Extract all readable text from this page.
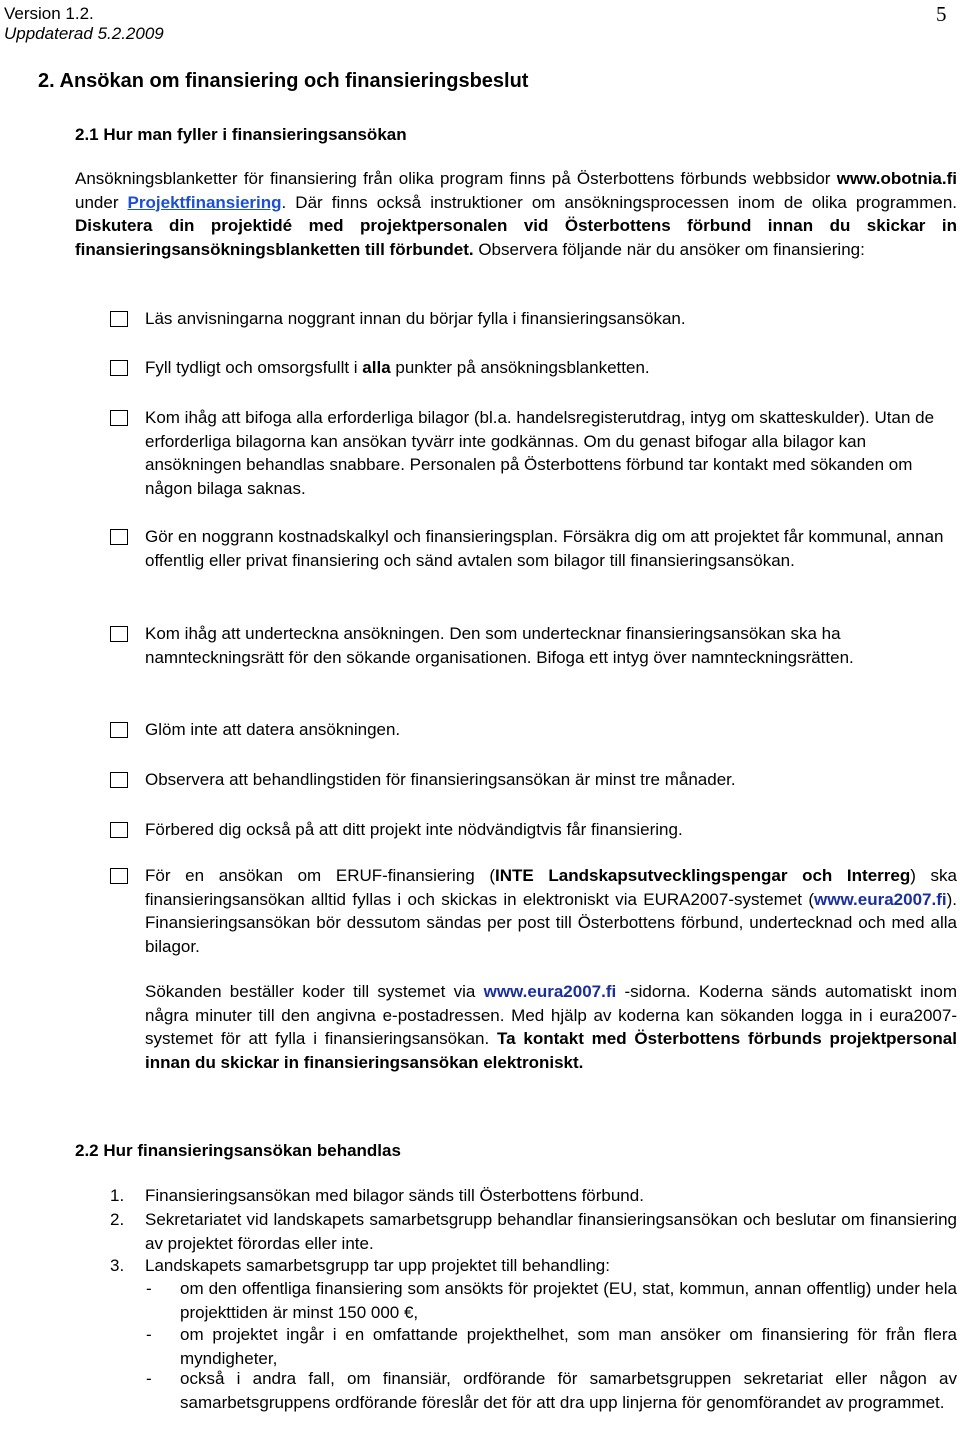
Version 1.2.
Uppdaterad 5.2.2009
5
2. Ansökan om finansiering och finansieringsbeslut
2.1 Hur man fyller i finansieringsansökan
Ansökningsblanketter för finansiering från olika program finns på Österbottens förbunds webbsidor www.obotnia.fi under Projektfinansiering. Där finns också instruktioner om ansökningsprocessen inom de olika programmen. Diskutera din projektidé med projektpersonalen vid Österbottens förbund innan du skickar in finansieringsansökningsblanketten till förbundet. Observera följande när du ansöker om finansiering:
Läs anvisningarna noggrant innan du börjar fylla i finansieringsansökan.
Fyll tydligt och omsorgsfullt i alla punkter på ansökningsblanketten.
Kom ihåg att bifoga alla erforderliga bilagor (bl.a. handelsregisterutdrag, intyg om skatteskulder). Utan de erforderliga bilagorna kan ansökan tyvärr inte godkännas. Om du genast bifogar alla bilagor kan ansökningen behandlas snabbare. Personalen på Österbottens förbund tar kontakt med sökanden om någon bilaga saknas.
Gör en noggrann kostnadskalkyl och finansieringsplan. Försäkra dig om att projektet får kommunal, annan offentlig eller privat finansiering och sänd avtalen som bilagor till finansieringsansökan.
Kom ihåg att underteckna ansökningen. Den som undertecknar finansieringsansökan ska ha namnteckningsrätt för den sökande organisationen. Bifoga ett intyg över namnteckningsrätten.
Glöm inte att datera ansökningen.
Observera att behandlingstiden för finansieringsansökan är minst tre månader.
Förbered dig också på att ditt projekt inte nödvändigtvis får finansiering.
För en ansökan om ERUF-finansiering (INTE Landskapsutvecklingspengar och Interreg) ska finansieringsansökan alltid fyllas i och skickas in elektroniskt via EURA2007-systemet (www.eura2007.fi). Finansieringsansökan bör dessutom sändas per post till Österbottens förbund, undertecknad och med alla bilagor.
Sökanden beställer koder till systemet via www.eura2007.fi -sidorna. Koderna sänds automatiskt inom några minuter till den angivna e-postadressen. Med hjälp av koderna kan sökanden logga in i eura2007-systemet för att fylla i finansieringsansökan. Ta kontakt med Österbottens förbunds projektpersonal innan du skickar in finansieringsansökan elektroniskt.
2.2 Hur finansieringsansökan behandlas
1. Finansieringsansökan med bilagor sänds till Österbottens förbund.
2. Sekretariatet vid landskapets samarbetsgrupp behandlar finansieringsansökan och beslutar om finansiering av projektet förordas eller inte.
3. Landskapets samarbetsgrupp tar upp projektet till behandling:
- om den offentliga finansiering som ansökts för projektet (EU, stat, kommun, annan offentlig) under hela projekttiden är minst 150 000 €,
- om projektet ingår i en omfattande projekthelhet, som man ansöker om finansiering för från flera myndigheter,
- också i andra fall, om finansiär, ordförande för samarbetsgruppen sekretariat eller någon av samarbetsgruppens ordförande föreslår det för att dra upp linjerna för genomförandet av programmet.
